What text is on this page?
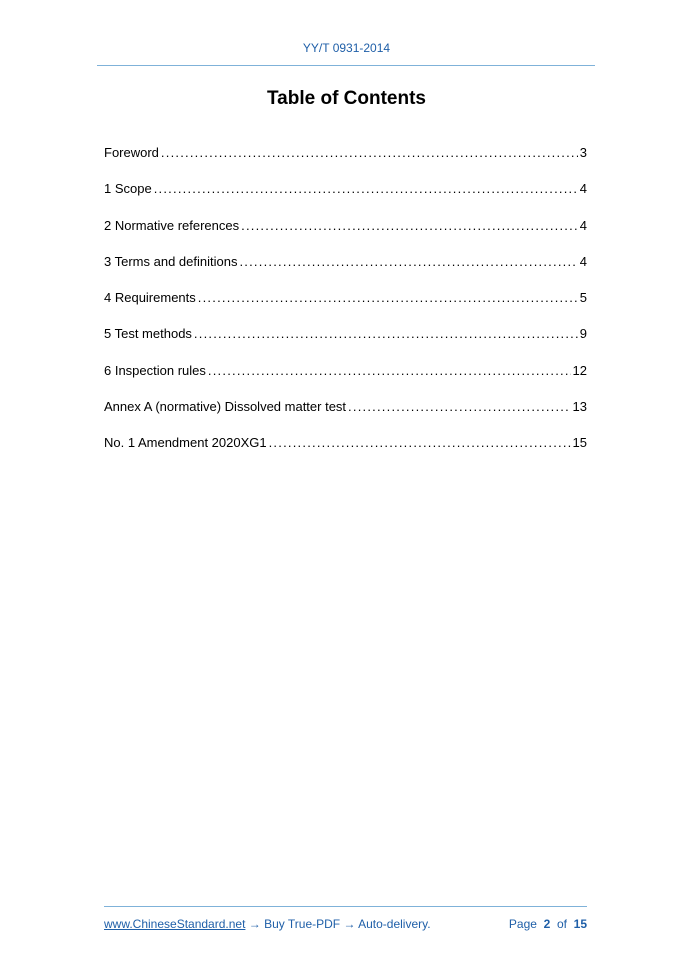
YY/T 0931-2014
Table of Contents
Foreword . . .	3
1 Scope . . .	4
2 Normative references . . .	4
3 Terms and definitions . . .	4
4 Requirements . . .	5
5 Test methods . . .	9
6 Inspection rules . . .	12
Annex A (normative) Dissolved matter test . . .	13
No. 1 Amendment 2020XG1 . . .	15
www.ChineseStandard.net → Buy True-PDF → Auto-delivery.	Page 2 of 15
